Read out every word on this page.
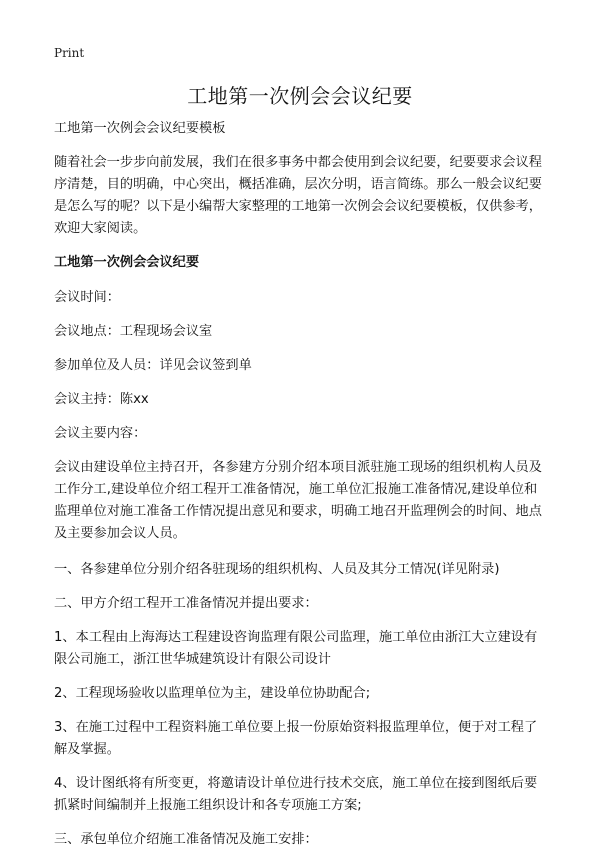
Print
工地第一次例会会议纪要

工地第一次例会会议纪要模板

随着社会一步步向前发展，我们在很多事务中都会使用到会议纪要，纪要要求会议程序清楚，目的明确，中心突出，概括准确，层次分明，语言简练。那么一般会议纪要是怎么写的呢？以下是小编帮大家整理的工地第一次例会会议纪要模板，仅供参考，欢迎大家阅读。

工地第一次例会会议纪要

会议时间：

会议地点：工程现场会议室

参加单位及人员：详见会议签到单

会议主持：陈xx

会议主要内容：

会议由建设单位主持召开，各参建方分别介绍本项目派驻施工现场的组织机构人员及工作分工,建设单位介绍工程开工准备情况，施工单位汇报施工准备情况,建设单位和监理单位对施工准备工作情况提出意见和要求，明确工地召开监理例会的时间、地点及主要参加会议人员。

一、各参建单位分别介绍各驻现场的组织机构、人员及其分工情况(详见附录)

二、甲方介绍工程开工准备情况并提出要求：

1、本工程由上海海达工程建设咨询监理有限公司监理，施工单位由浙江大立建设有限公司施工，浙江世华城建筑设计有限公司设计

2、工程现场验收以监理单位为主，建设单位协助配合;

3、在施工过程中工程资料施工单位要上报一份原始资料报监理单位，便于对工程了解及掌握。

4、设计图纸将有所变更，将邀请设计单位进行技术交底，施工单位在接到图纸后要抓紧时间编制并上报施工组织设计和各专项施工方案;

三、承包单位介绍施工准备情况及施工安排：
